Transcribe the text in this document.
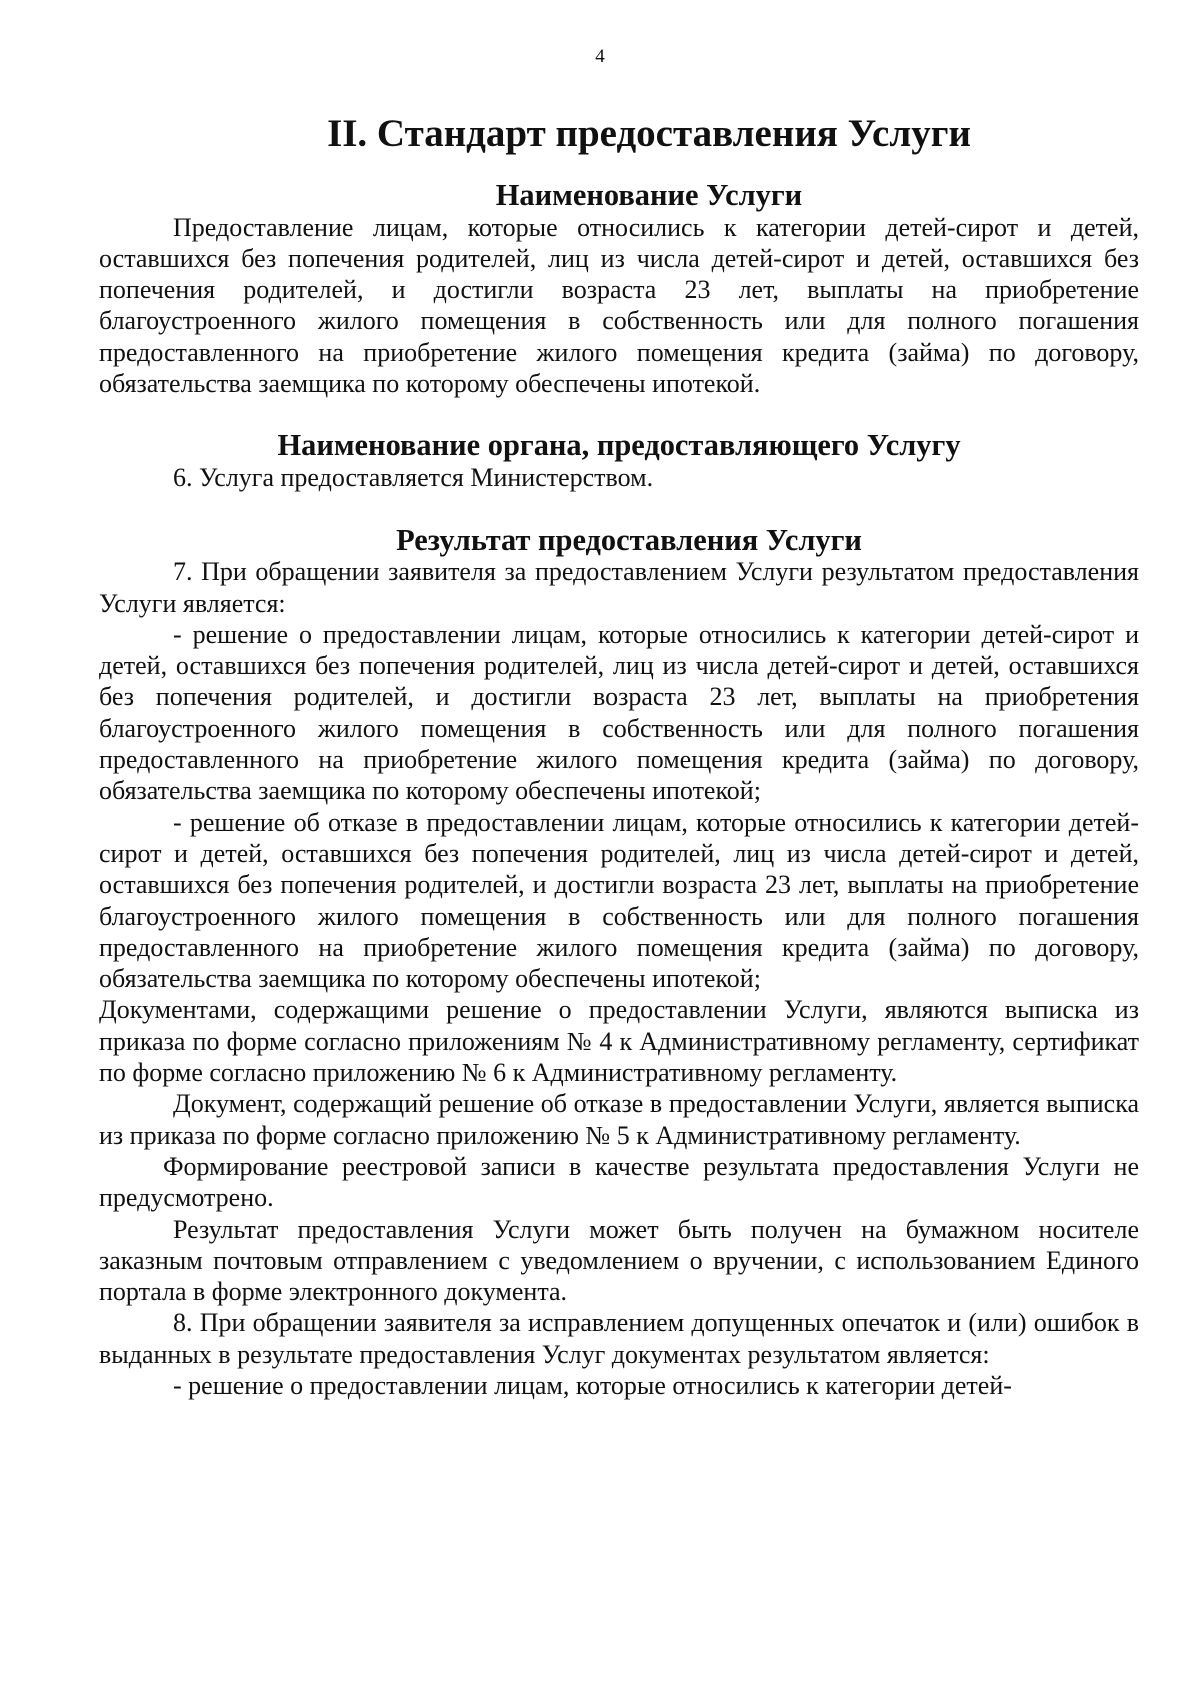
4
II. Стандарт предоставления Услуги
Наименование Услуги

Предоставление лицам, которые относились к категории детей-сирот и детей, оставшихся без попечения родителей, лиц из числа детей-сирот и детей, оставшихся без попечения родителей, и достигли возраста 23 лет, выплаты на приобретение благоустроенного жилого помещения в собственность или для полного погашения предоставленного на приобретение жилого помещения кредита (займа) по договору, обязательства заемщика по которому обеспечены ипотекой.

Наименование органа, предоставляющего Услугу

6. Услуга предоставляется Министерством.

Результат предоставления Услуги

7. При обращении заявителя за предоставлением Услуги результатом предоставления Услуги является:

- решение о предоставлении лицам, которые относились к категории детей-сирот и детей, оставшихся без попечения родителей, лиц из числа детей-сирот и детей, оставшихся без попечения родителей, и достигли возраста 23 лет, выплаты на приобретения благоустроенного жилого помещения в собственность или для полного погашения предоставленного на приобретение жилого помещения кредита (займа) по договору, обязательства заемщика по которому обеспечены ипотекой;

- решение об отказе в предоставлении лицам, которые относились к категории детей-сирот и детей, оставшихся без попечения родителей, лиц из числа детей-сирот и детей, оставшихся без попечения родителей, и достигли возраста 23 лет, выплаты на приобретение благоустроенного жилого помещения в собственность или для полного погашения предоставленного на приобретение жилого помещения кредита (займа) по договору, обязательства заемщика по которому обеспечены ипотекой;

Документами, содержащими решение о предоставлении Услуги, являются выписка из приказа по форме согласно приложениям № 4 к Административному регламенту, сертификат по форме согласно приложению № 6 к Административному регламенту.

Документ, содержащий решение об отказе в предоставлении Услуги, является выписка из приказа по форме согласно приложению № 5 к Административному регламенту.

Формирование реестровой записи в качестве результата предоставления Услуги не предусмотрено.

Результат предоставления Услуги может быть получен на бумажном носителе заказным почтовым отправлением с уведомлением о вручении, с использованием Единого портала в форме электронного документа.

8. При обращении заявителя за исправлением допущенных опечаток и (или) ошибок в выданных в результате предоставления Услуг документах результатом является:

- решение о предоставлении лицам, которые относились к категории детей-
